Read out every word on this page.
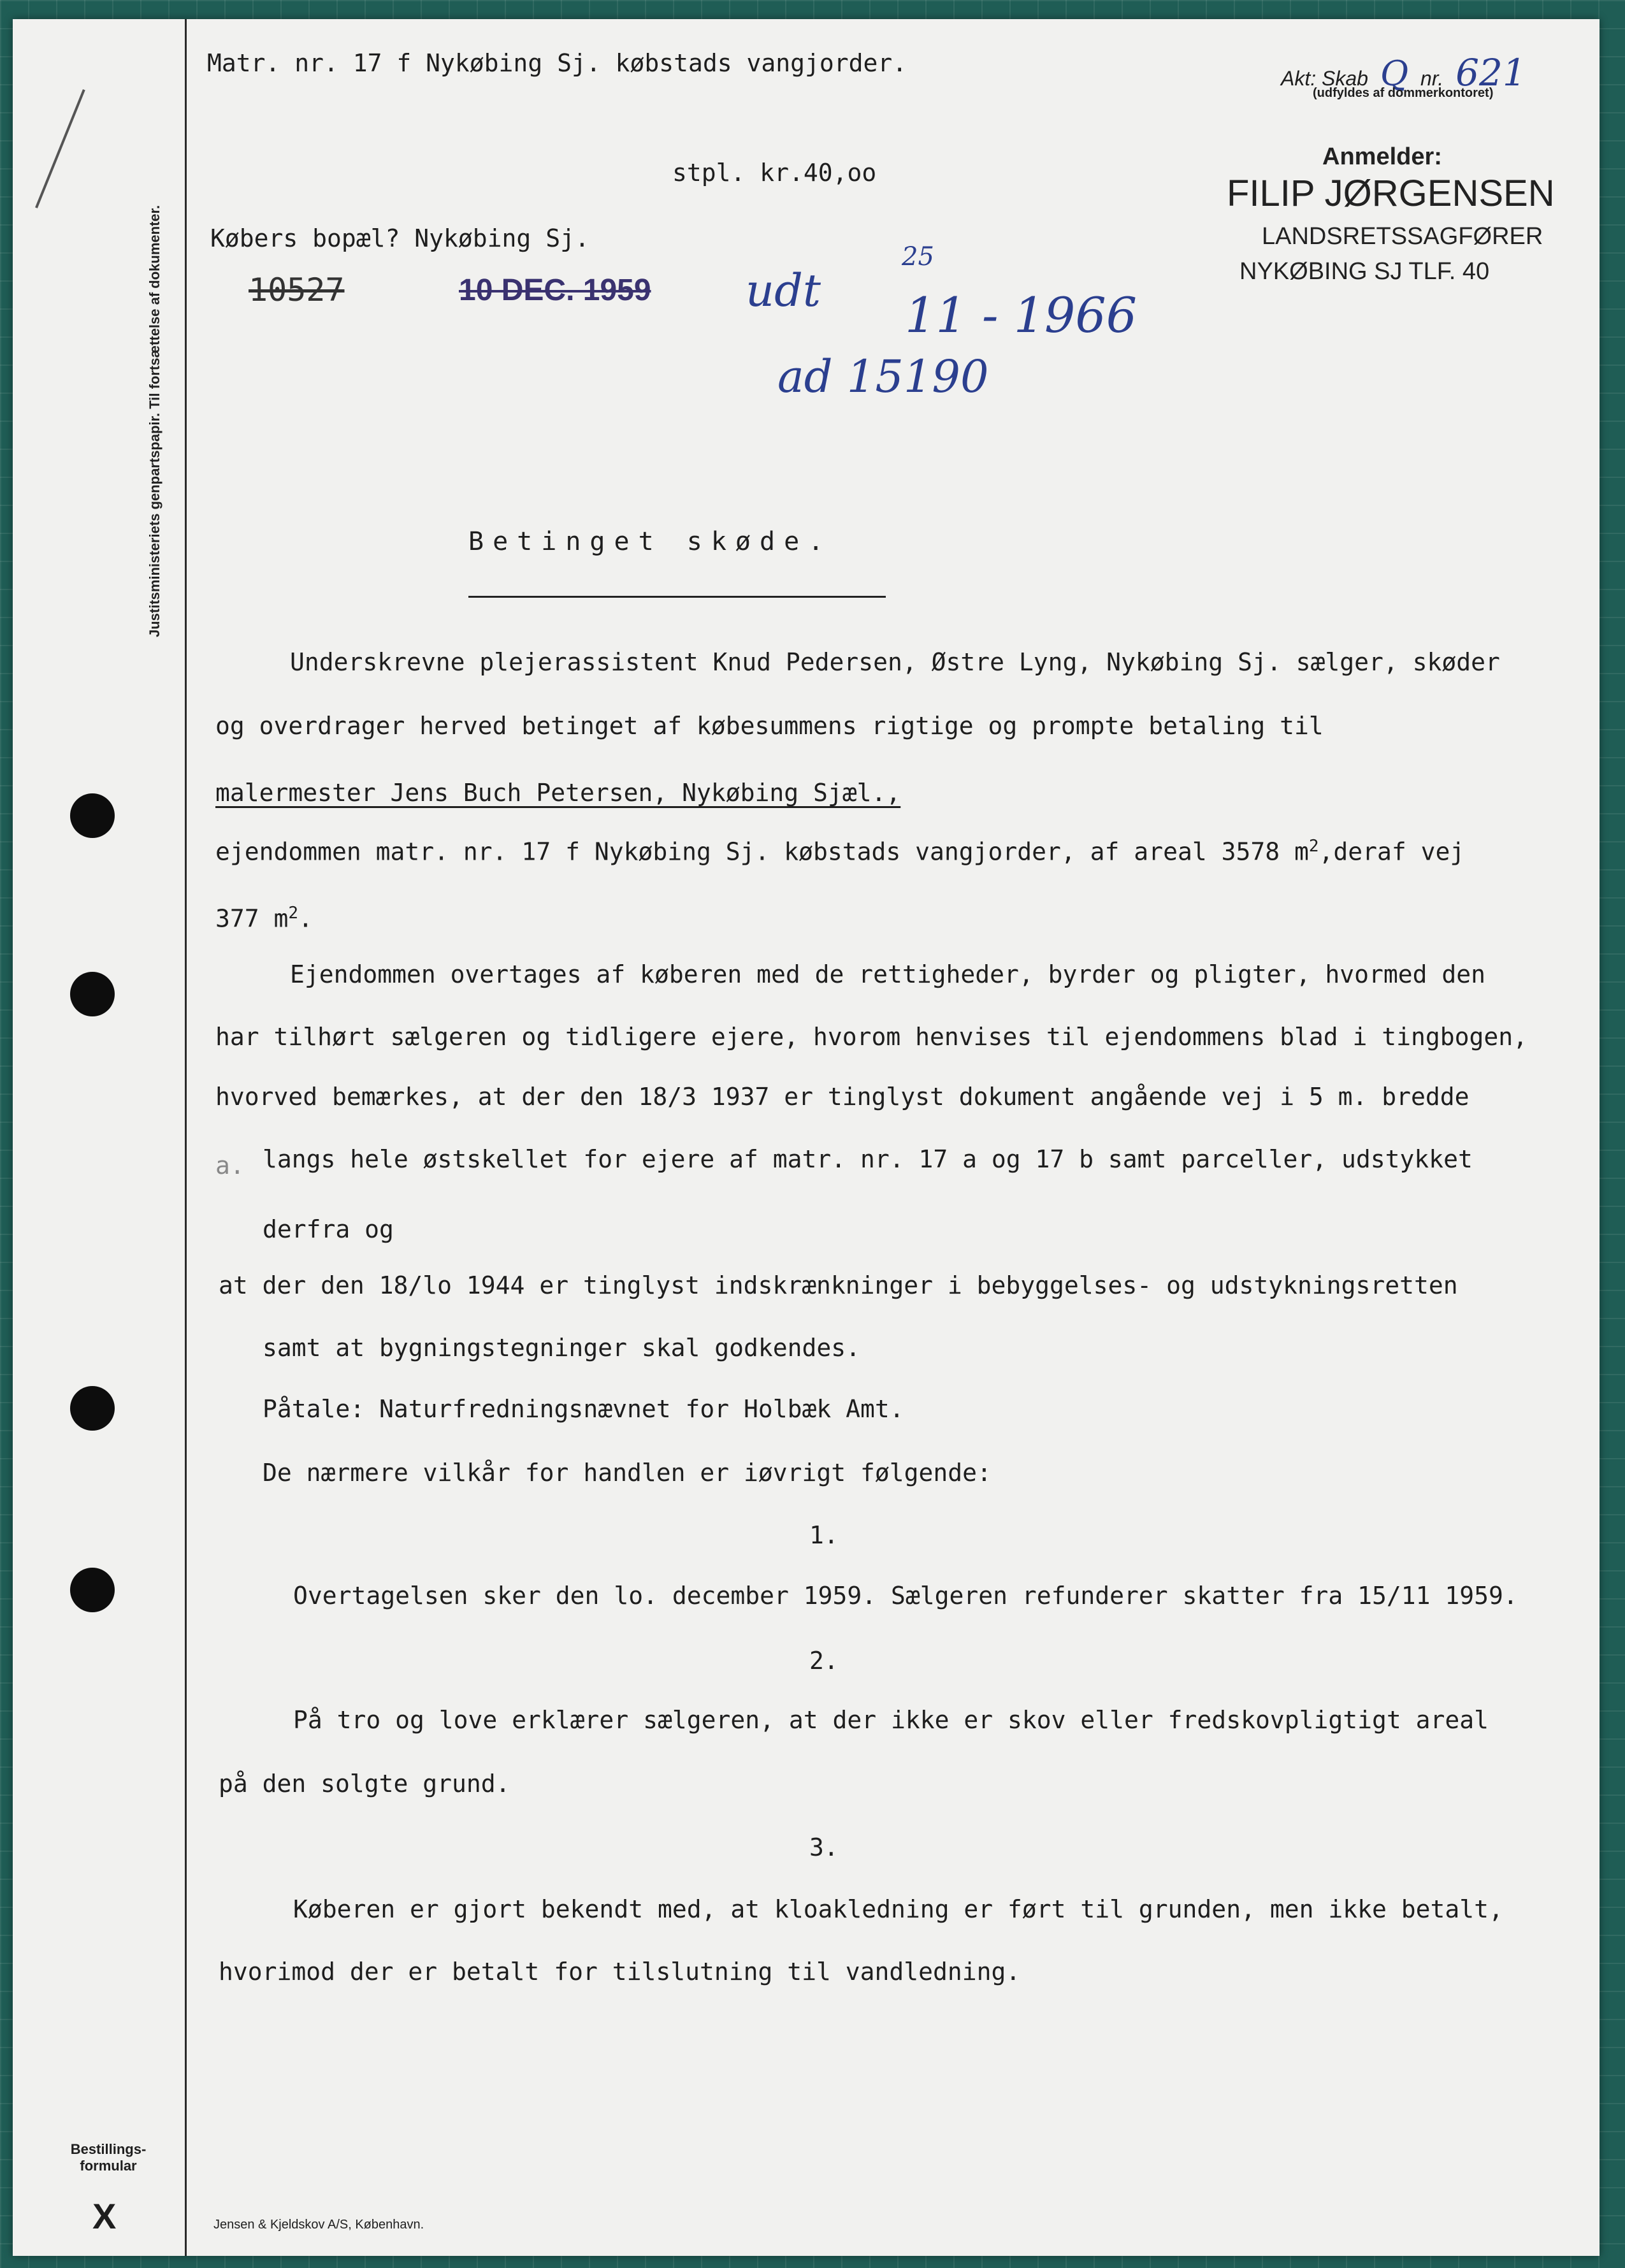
Justitsministeriets genpartspapir. Til fortsættelse af dokumenter.
Bestillings-
formular
X	Jensen & Kjeldskov A/S, København.
Matr. nr. 17 f Nykøbing Sj. købstads vangjorder.
Akt: Skab Q nr. 621
(udfyldes af dommerkontoret)
stpl. kr.40,oo
Anmelder:
FILIP JØRGENSEN
LANDSRETSSAGFØRER
NYKØBING SJ TLF. 40
Købers bopæl? Nykøbing Sj.
10527	10 DEC. 1959 udt
25
11 - 1966
ad 15190
Betinget skøde.
Underskrevne plejerassistent Knud Pedersen, Østre Lyng, Nykøbing Sj. sælger, skøder
og overdrager herved betinget af købesummens rigtige og prompte betaling til
malermester Jens Buch Petersen, Nykøbing Sjæl.,
ejendommen matr. nr. 17 f Nykøbing Sj. købstads vangjorder, af areal 3578 $m^2,deraf$ vej
377 $m^2$.
Ejendommen overtages af køberen med de rettigheder, byrder og pligter, hvormed den
har tilhørt sælgeren og tidligere ejere, hvorom henvises til ejendommens blad i tingbogen,
hvorved bemærkes, at der den 18/3 1937 er tinglyst dokument angående vej i 5 m. bredde
a. langs hele østskellet for ejere af matr. nr. 17 a og 17 b samt parceller, udstykket
derfra og
at der den 18/lo 1944 er tinglyst indskrænkninger i bebyggelses- og udstykningsretten
samt at bygningstegninger skal godkendes.
Påtale: Naturfredningsnævnet for Holbæk Amt.
De nærmere vilkår for handlen er iøvrigt følgende:
1.
Overtagelsen sker den lo. december 1959. Sælgeren refunderer skatter fra 15/11 1959.
2.
På tro og love erklærer sælgeren, at der ikke er skov eller fredskovpligtigt areal
på den solgte grund.
3.
Køberen er gjort bekendt med, at kloakledning er ført til grunden, men ikke betalt,
hvorimod der er betalt for tilslutning til vandledning.
